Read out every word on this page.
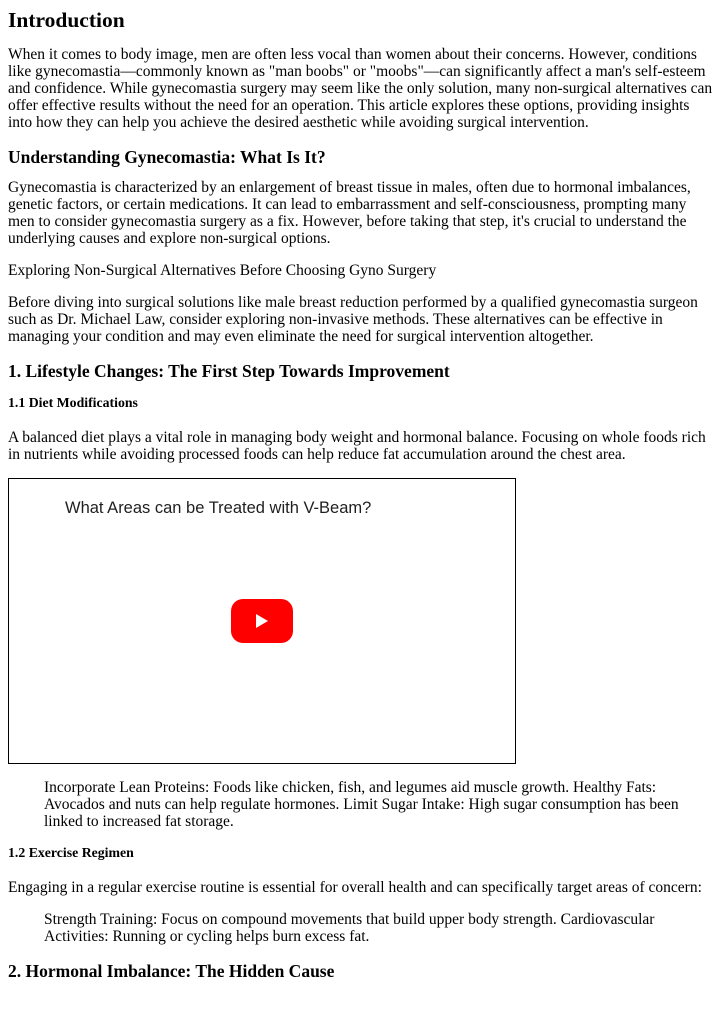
Introduction

When it comes to body image, men are often less vocal than women about their concerns. However, conditions like gynecomastia—commonly known as "man boobs" or "moobs"—can significantly affect a man's self-esteem and confidence. While gynecomastia surgery may seem like the only solution, many non-surgical alternatives can offer effective results without the need for an operation. This article explores these options, providing insights into how they can help you achieve the desired aesthetic while avoiding surgical intervention.

Understanding Gynecomastia: What Is It?

Gynecomastia is characterized by an enlargement of breast tissue in males, often due to hormonal imbalances, genetic factors, or certain medications. It can lead to embarrassment and self-consciousness, prompting many men to consider gynecomastia surgery as a fix. However, before taking that step, it's crucial to understand the underlying causes and explore non-surgical options.

Exploring Non-Surgical Alternatives Before Choosing Gyno Surgery

Before diving into surgical solutions like male breast reduction performed by a qualified gynecomastia surgeon such as Dr. Michael Law, consider exploring non-invasive methods. These alternatives can be effective in managing your condition and may even eliminate the need for surgical intervention altogether.

1. Lifestyle Changes: The First Step Towards Improvement
1.1 Diet Modifications

A balanced diet plays a vital role in managing body weight and hormonal balance. Focusing on whole foods rich in nutrients while avoiding processed foods can help reduce fat accumulation around the chest area.

What Areas can be Treated with V-Beam?
Incorporate Lean Proteins: Foods like chicken, fish, and legumes aid muscle growth. Healthy Fats: Avocados and nuts can help regulate hormones. Limit Sugar Intake: High sugar consumption has been linked to increased fat storage.
1.2 Exercise Regimen

Engaging in a regular exercise routine is essential for overall health and can specifically target areas of concern:

Strength Training: Focus on compound movements that build upper body strength. Cardiovascular Activities: Running or cycling helps burn excess fat.
2. Hormonal Imbalance: The Hidden Cause
